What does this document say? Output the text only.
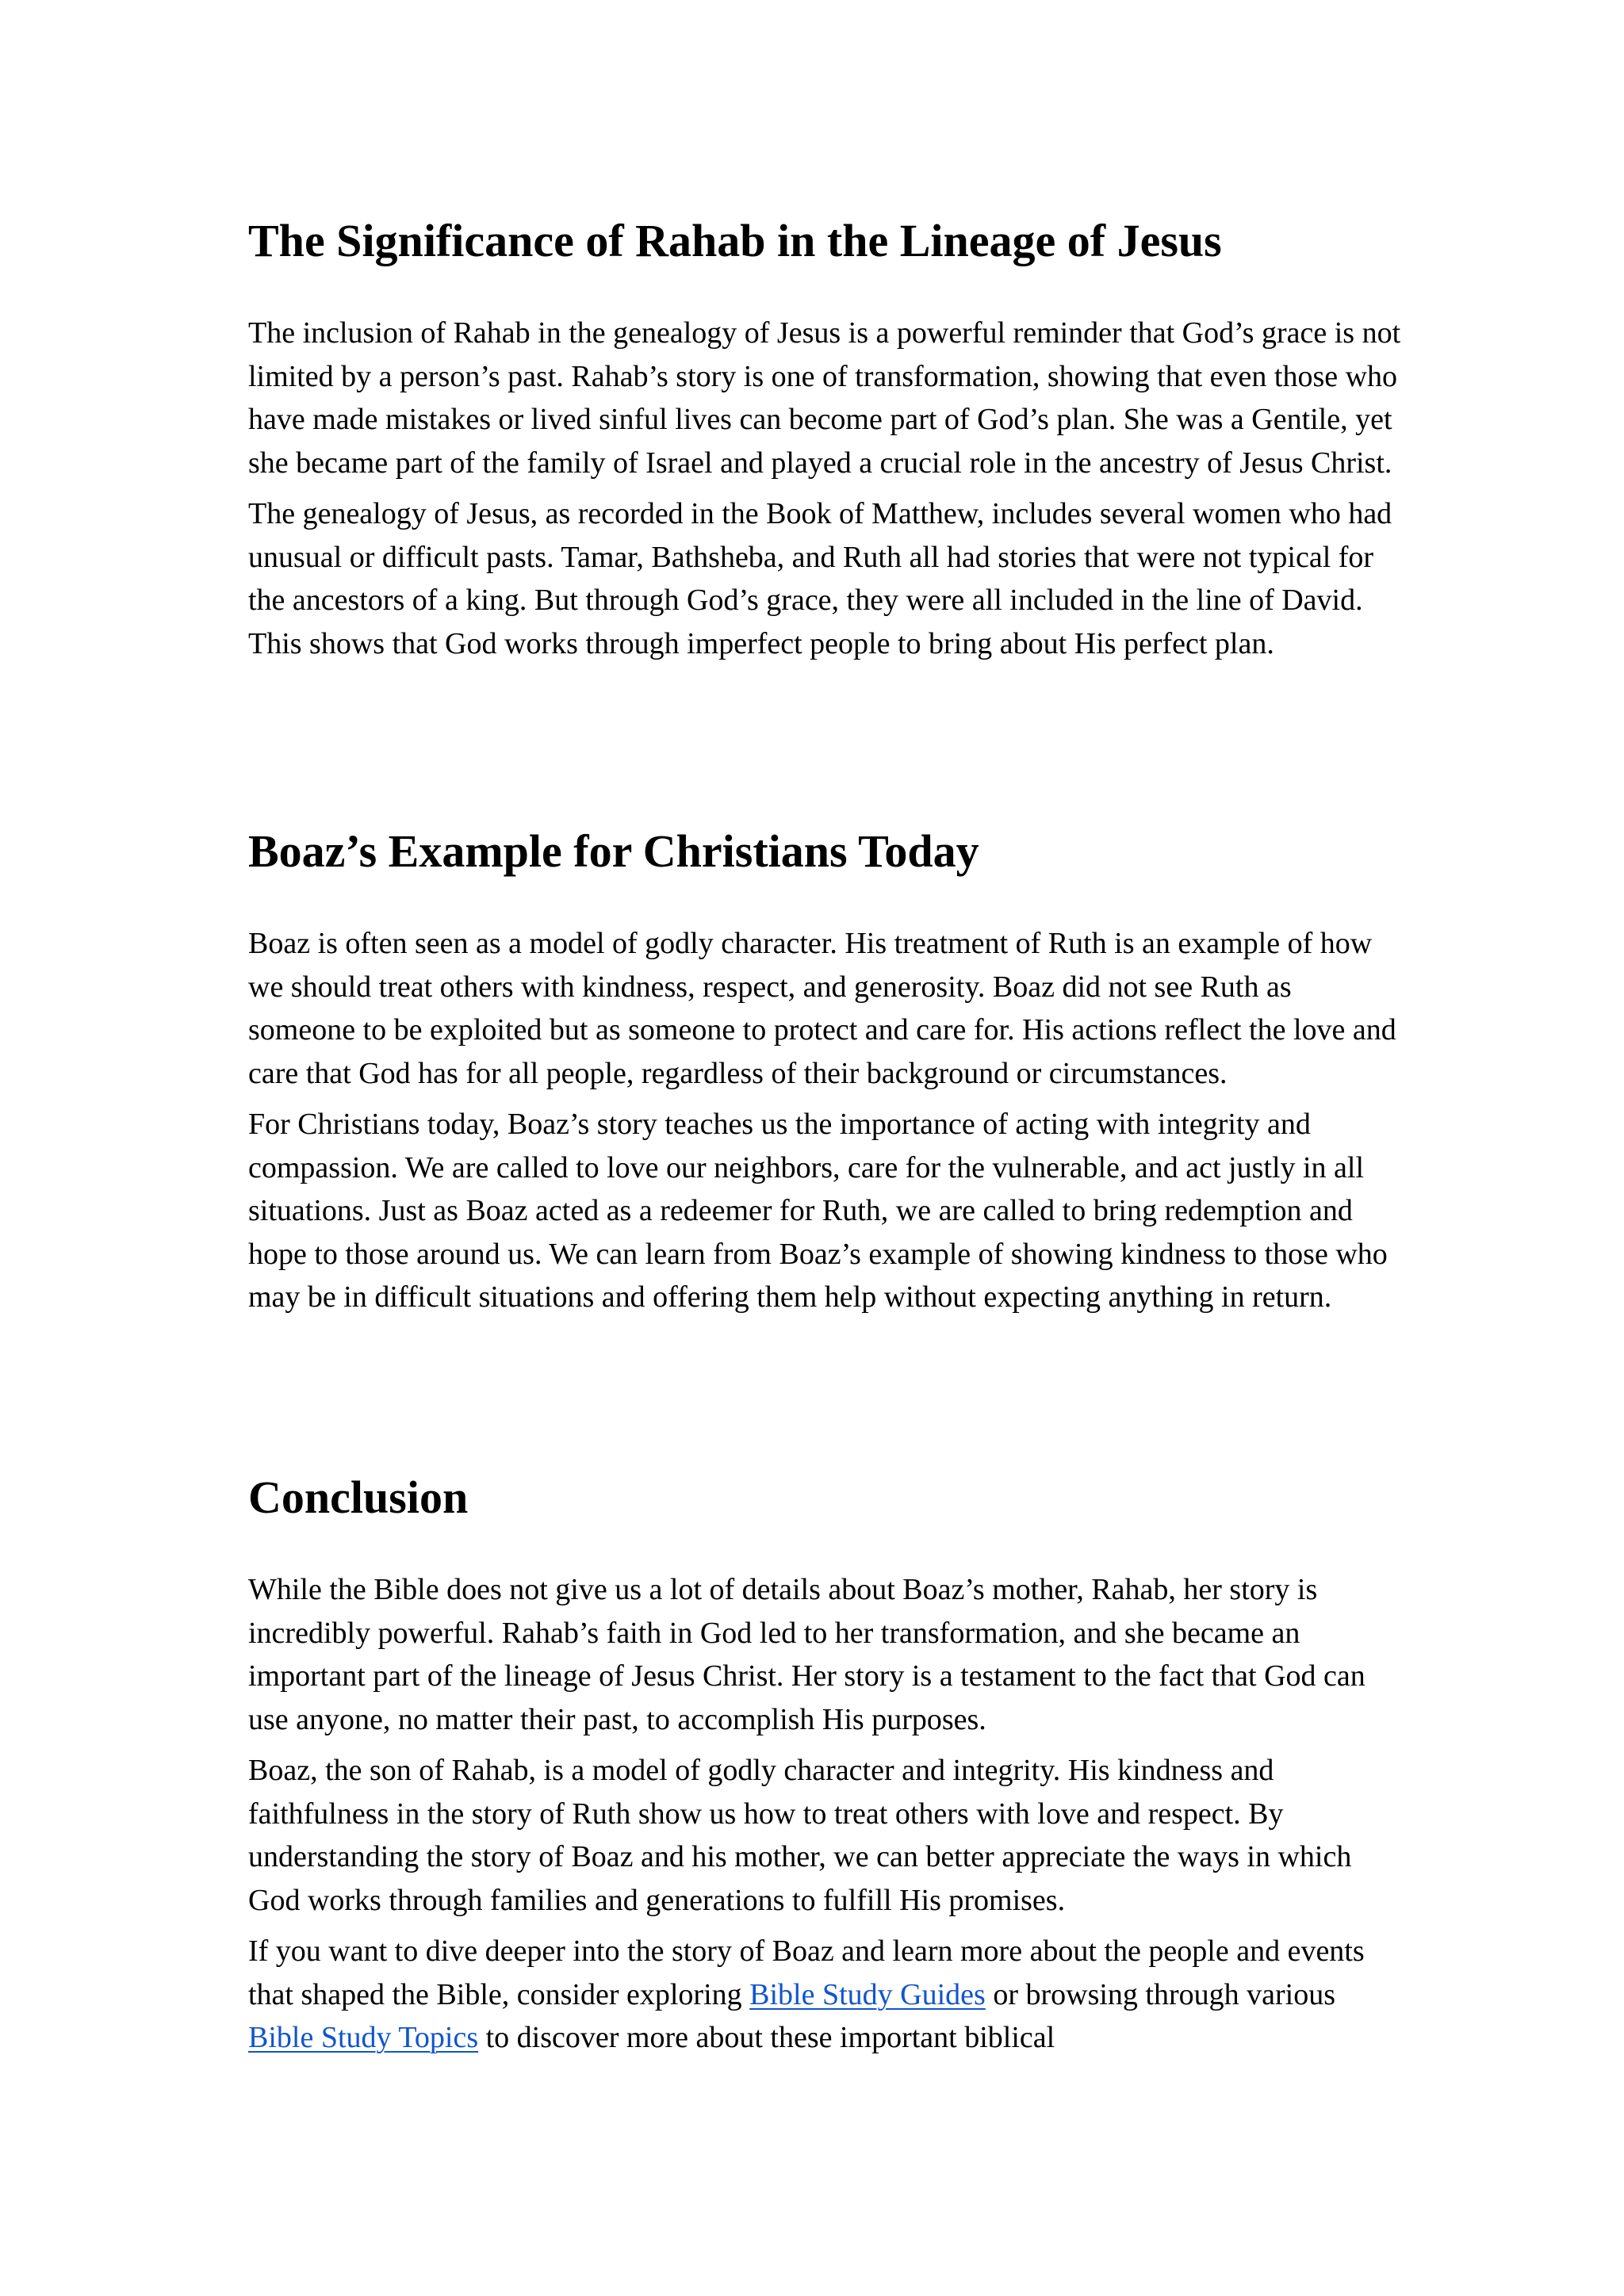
The Significance of Rahab in the Lineage of Jesus

The inclusion of Rahab in the genealogy of Jesus is a powerful reminder that God’s grace is not limited by a person’s past. Rahab’s story is one of transformation, showing that even those who have made mistakes or lived sinful lives can become part of God’s plan. She was a Gentile, yet she became part of the family of Israel and played a crucial role in the ancestry of Jesus Christ.

The genealogy of Jesus, as recorded in the Book of Matthew, includes several women who had unusual or difficult pasts. Tamar, Bathsheba, and Ruth all had stories that were not typical for the ancestors of a king. But through God’s grace, they were all included in the line of David. This shows that God works through imperfect people to bring about His perfect plan.

Boaz’s Example for Christians Today

Boaz is often seen as a model of godly character. His treatment of Ruth is an example of how we should treat others with kindness, respect, and generosity. Boaz did not see Ruth as someone to be exploited but as someone to protect and care for. His actions reflect the love and care that God has for all people, regardless of their background or circumstances.

For Christians today, Boaz’s story teaches us the importance of acting with integrity and compassion. We are called to love our neighbors, care for the vulnerable, and act justly in all situations. Just as Boaz acted as a redeemer for Ruth, we are called to bring redemption and hope to those around us. We can learn from Boaz’s example of showing kindness to those who may be in difficult situations and offering them help without expecting anything in return.

Conclusion

While the Bible does not give us a lot of details about Boaz’s mother, Rahab, her story is incredibly powerful. Rahab’s faith in God led to her transformation, and she became an important part of the lineage of Jesus Christ. Her story is a testament to the fact that God can use anyone, no matter their past, to accomplish His purposes.

Boaz, the son of Rahab, is a model of godly character and integrity. His kindness and faithfulness in the story of Ruth show us how to treat others with love and respect. By understanding the story of Boaz and his mother, we can better appreciate the ways in which God works through families and generations to fulfill His promises.

If you want to dive deeper into the story of Boaz and learn more about the people and events that shaped the Bible, consider exploring Bible Study Guides or browsing through various Bible Study Topics to discover more about these important biblical
